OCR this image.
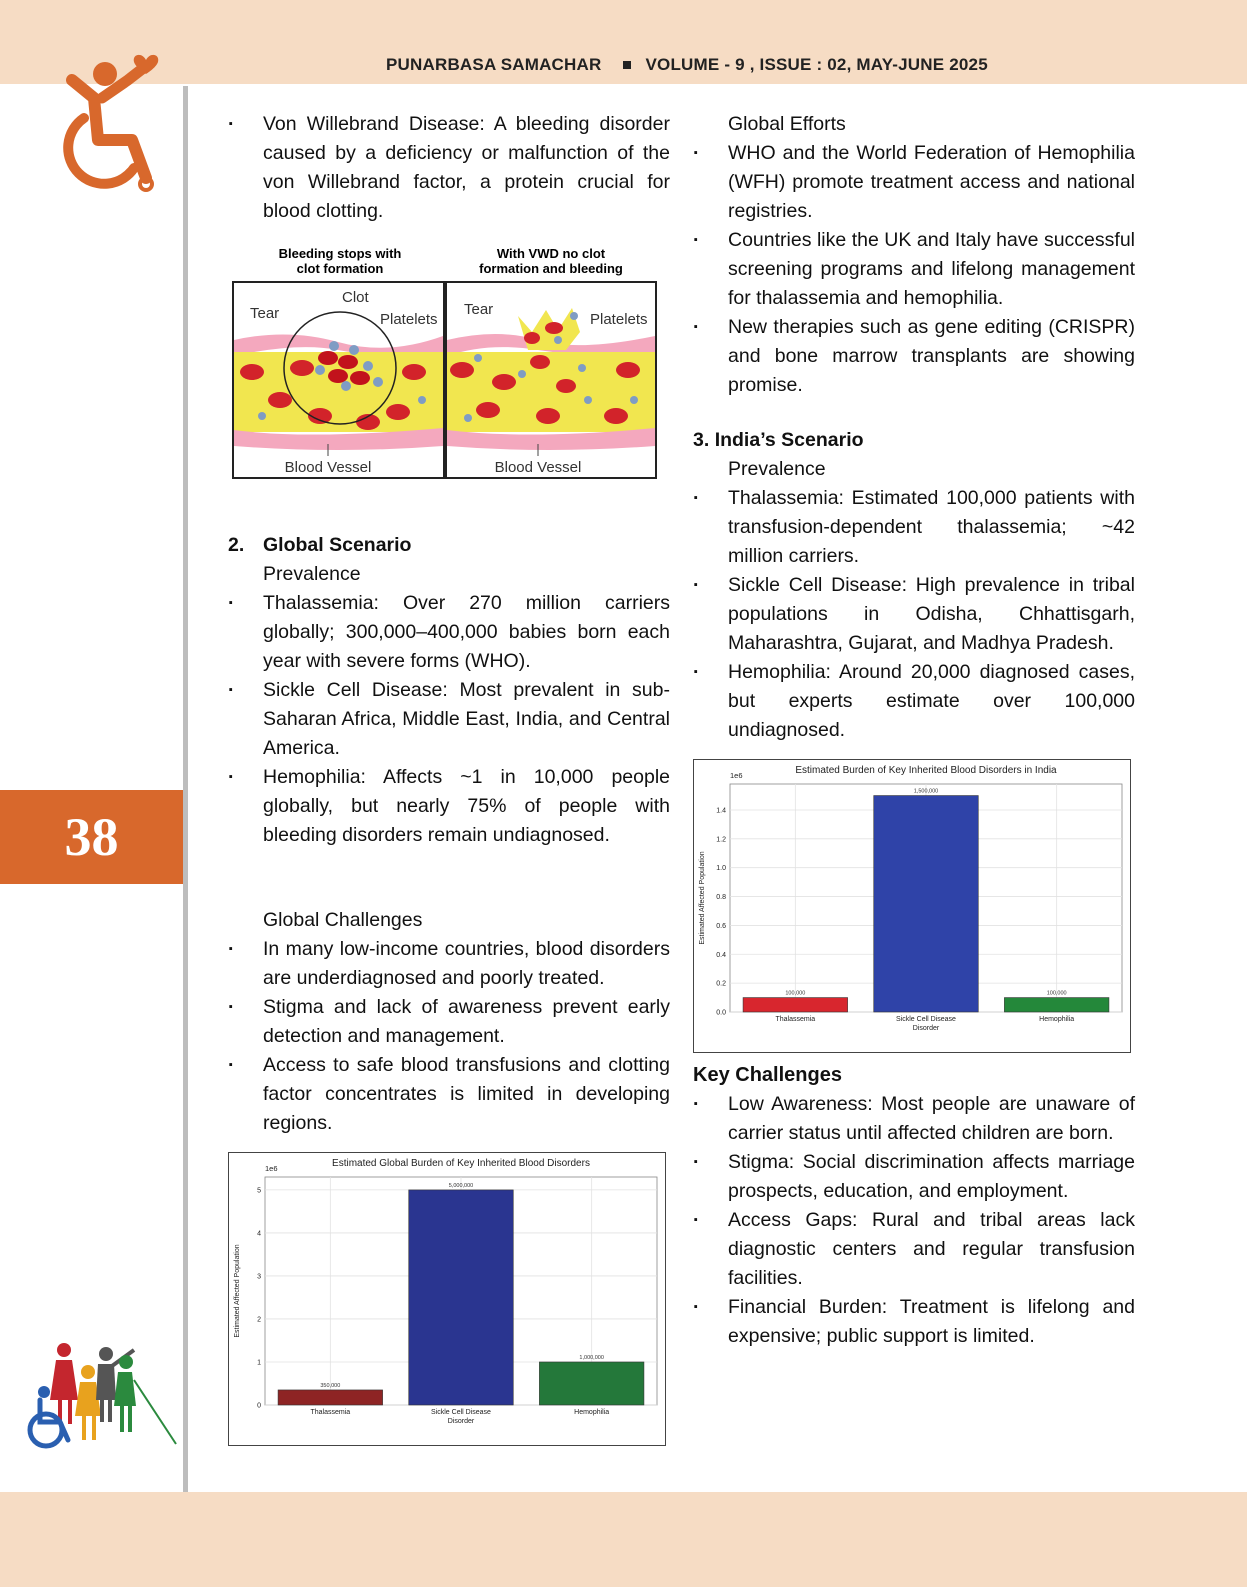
PUNARBASA SAMACHAR	VOLUME - 9 , ISSUE : 02, MAY-JUNE 2025
38
· Von Willebrand Disease: A bleeding disorder caused by a deficiency or malfunction of the von Willebrand factor, a protein crucial for blood clotting.
Bleeding stops with
clot formation
With VWD no clot
formation and bleeding
Clot
Tear	Platelets
Tear
Platelets
Blood Vessel	Blood Vessel
2. Global Scenario
Prevalence
· Thalassemia: Over 270 million carriers globally; 300,000–400,000 babies born each year with severe forms (WHO).
· Sickle Cell Disease: Most prevalent in sub-Saharan Africa, Middle East, India, and Central America.
· Hemophilia: Affects ~1 in 10,000 people globally, but nearly 75% of people with bleeding disorders remain undiagnosed.
Global Challenges
· In many low-income countries, blood disorders are underdiagnosed and poorly treated.
· Stigma and lack of awareness prevent early detection and management.
· Access to safe blood transfusions and clotting factor concentrates is limited in developing regions.
Estimated Global Burden of Key Inherited Blood Disorders
1e6
Estimated Affected Population
0
1
2
3
4
5
350,000
Thalassemia
5,000,000
Sickle Cell Disease
Disorder
1,000,000
Hemophilia
Global Efforts
· WHO and the World Federation of Hemophilia (WFH) promote treatment access and national registries.
· Countries like the UK and Italy have successful screening programs and lifelong management for thalassemia and hemophilia.
· New therapies such as gene editing (CRISPR) and bone marrow transplants are showing promise.
3. India’s Scenario
Prevalence
· Thalassemia: Estimated 100,000 patients with transfusion-dependent thalassemia; ~42 million carriers.
· Sickle Cell Disease: High prevalence in tribal populations in Odisha, Chhattisgarh, Maharashtra, Gujarat, and Madhya Pradesh.
· Hemophilia: Around 20,000 diagnosed cases, but experts estimate over 100,000 undiagnosed.
Estimated Burden of Key Inherited Blood Disorders in India
1e6
Estimated Affected Population
0.0
0.2
0.4
0.6
0.8
1.0
1.2
1.4
100,000
Thalassemia
1,500,000
Sickle Cell Disease
Disorder
100,000
Hemophilia
Key Challenges
· Low Awareness: Most people are unaware of carrier status until affected children are born.
· Stigma: Social discrimination affects marriage prospects, education, and employment.
· Access Gaps: Rural and tribal areas lack diagnostic centers and regular transfusion facilities.
· Financial Burden: Treatment is lifelong and expensive; public support is limited.
